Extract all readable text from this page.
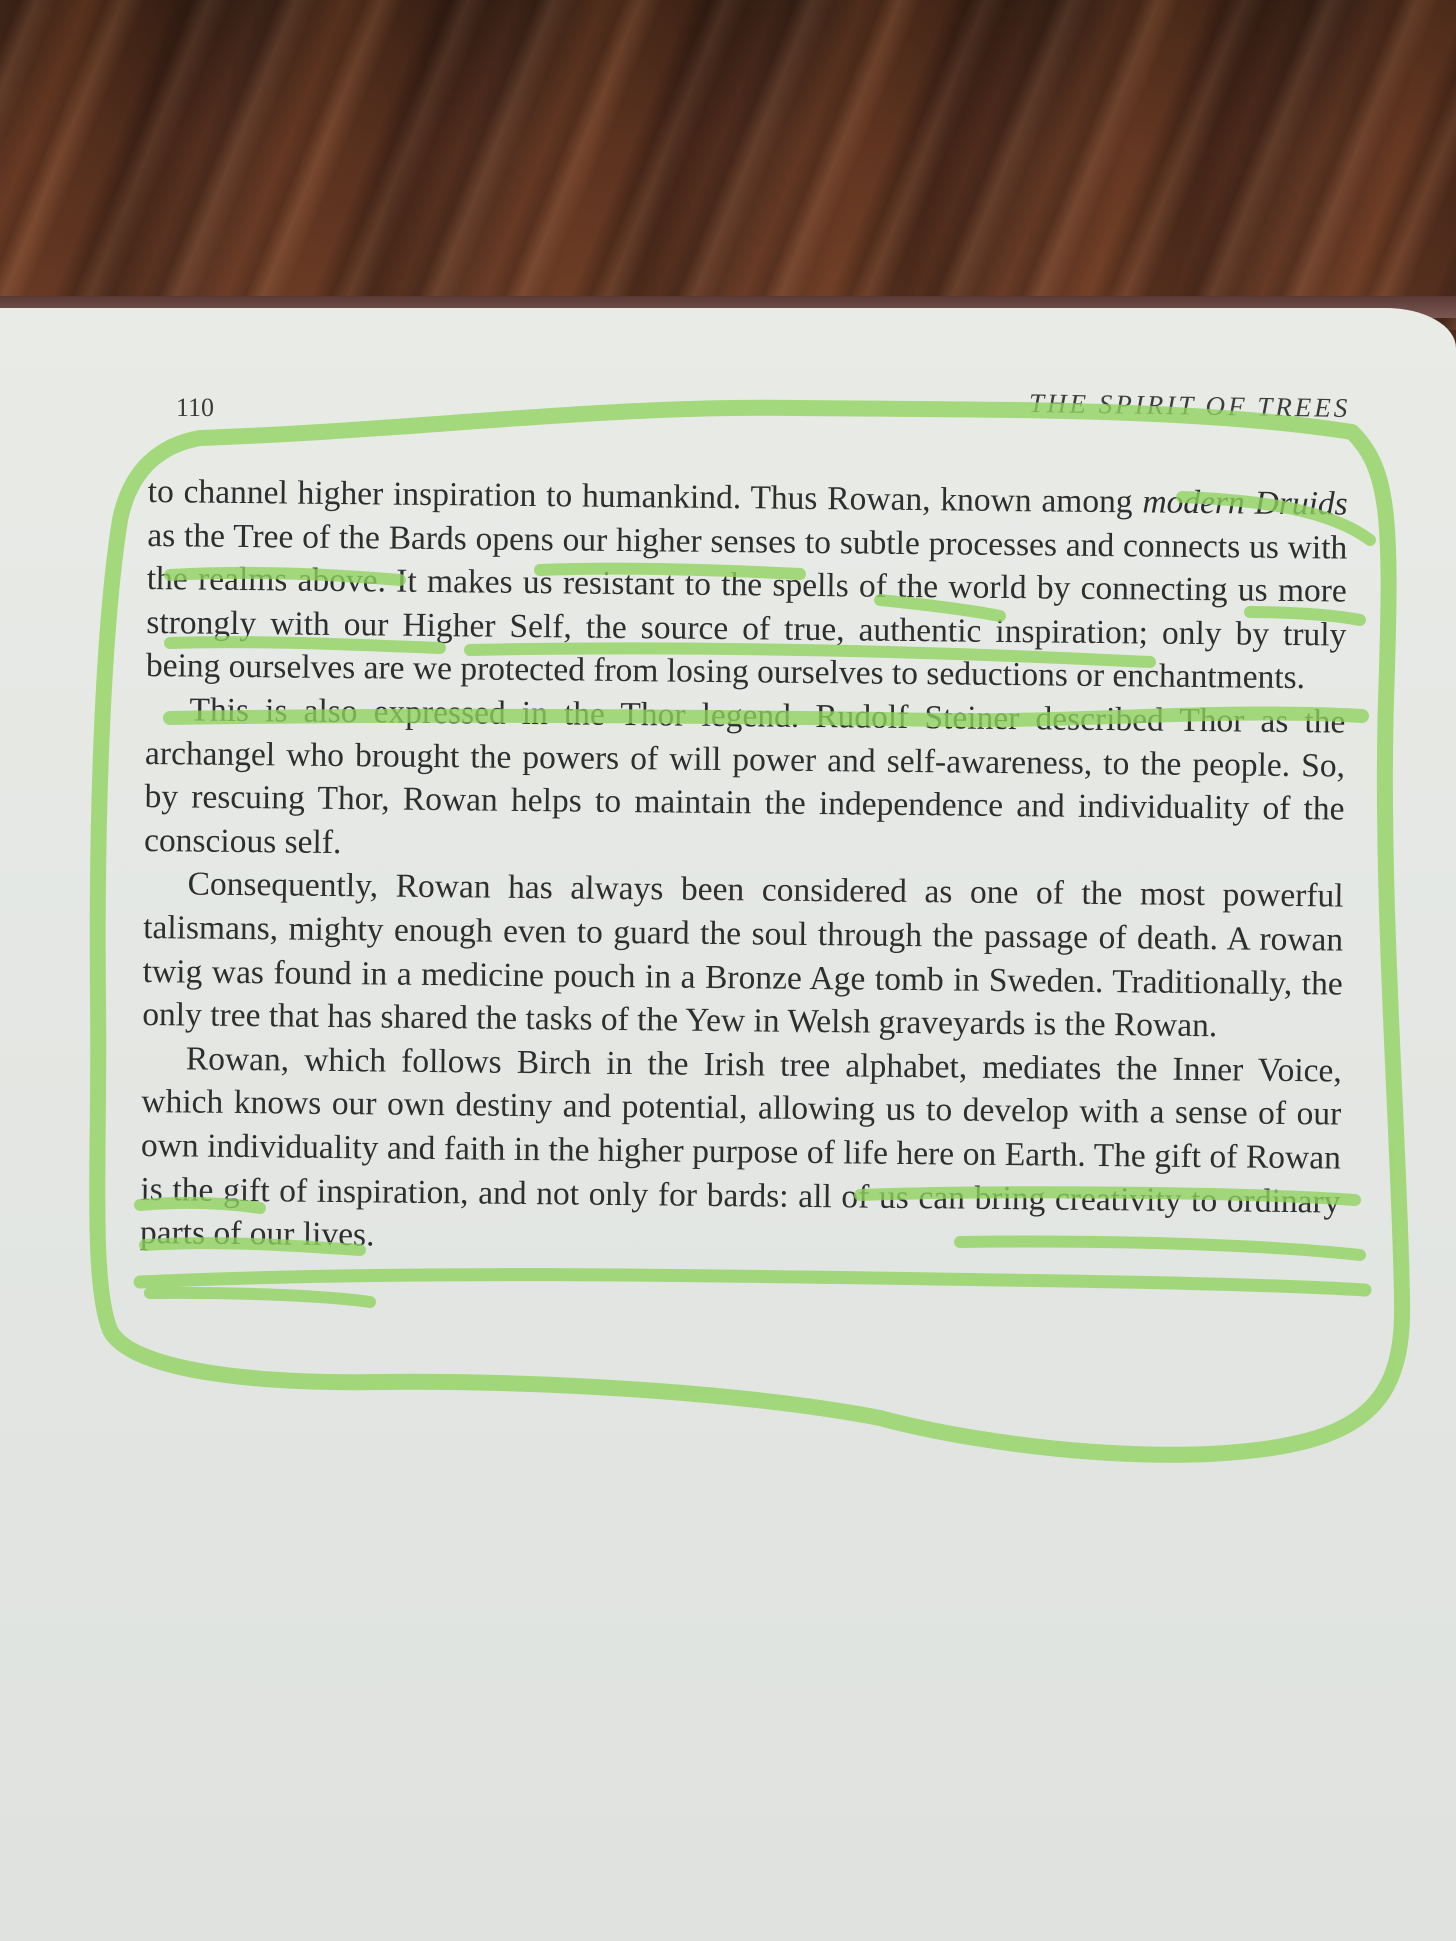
110	THE SPIRIT OF TREES

to channel higher inspiration to humankind. Thus Rowan, known among modern Druids as the Tree of the Bards opens our higher senses to subtle processes and connects us with the realms above. It makes us resistant to the spells of the world by connecting us more strongly with our Higher Self, the source of true, authentic inspiration; only by truly being ourselves are we protected from losing ourselves to seductions or enchantments.

This is also expressed in the Thor legend. Rudolf Steiner described Thor as the archangel who brought the powers of will power and self-awareness, to the people. So, by rescuing Thor, Rowan helps to maintain the independence and individuality of the conscious self.

Consequently, Rowan has always been considered as one of the most powerful talismans, mighty enough even to guard the soul through the passage of death. A rowan twig was found in a medicine pouch in a Bronze Age tomb in Sweden. Traditionally, the only tree that has shared the tasks of the Yew in Welsh graveyards is the Rowan.

Rowan, which follows Birch in the Irish tree alphabet, mediates the Inner Voice, which knows our own destiny and potential, allowing us to develop with a sense of our own individuality and faith in the higher purpose of life here on Earth. The gift of Rowan is the gift of inspiration, and not only for bards: all of us can bring creativity to ordinary parts of our lives.
